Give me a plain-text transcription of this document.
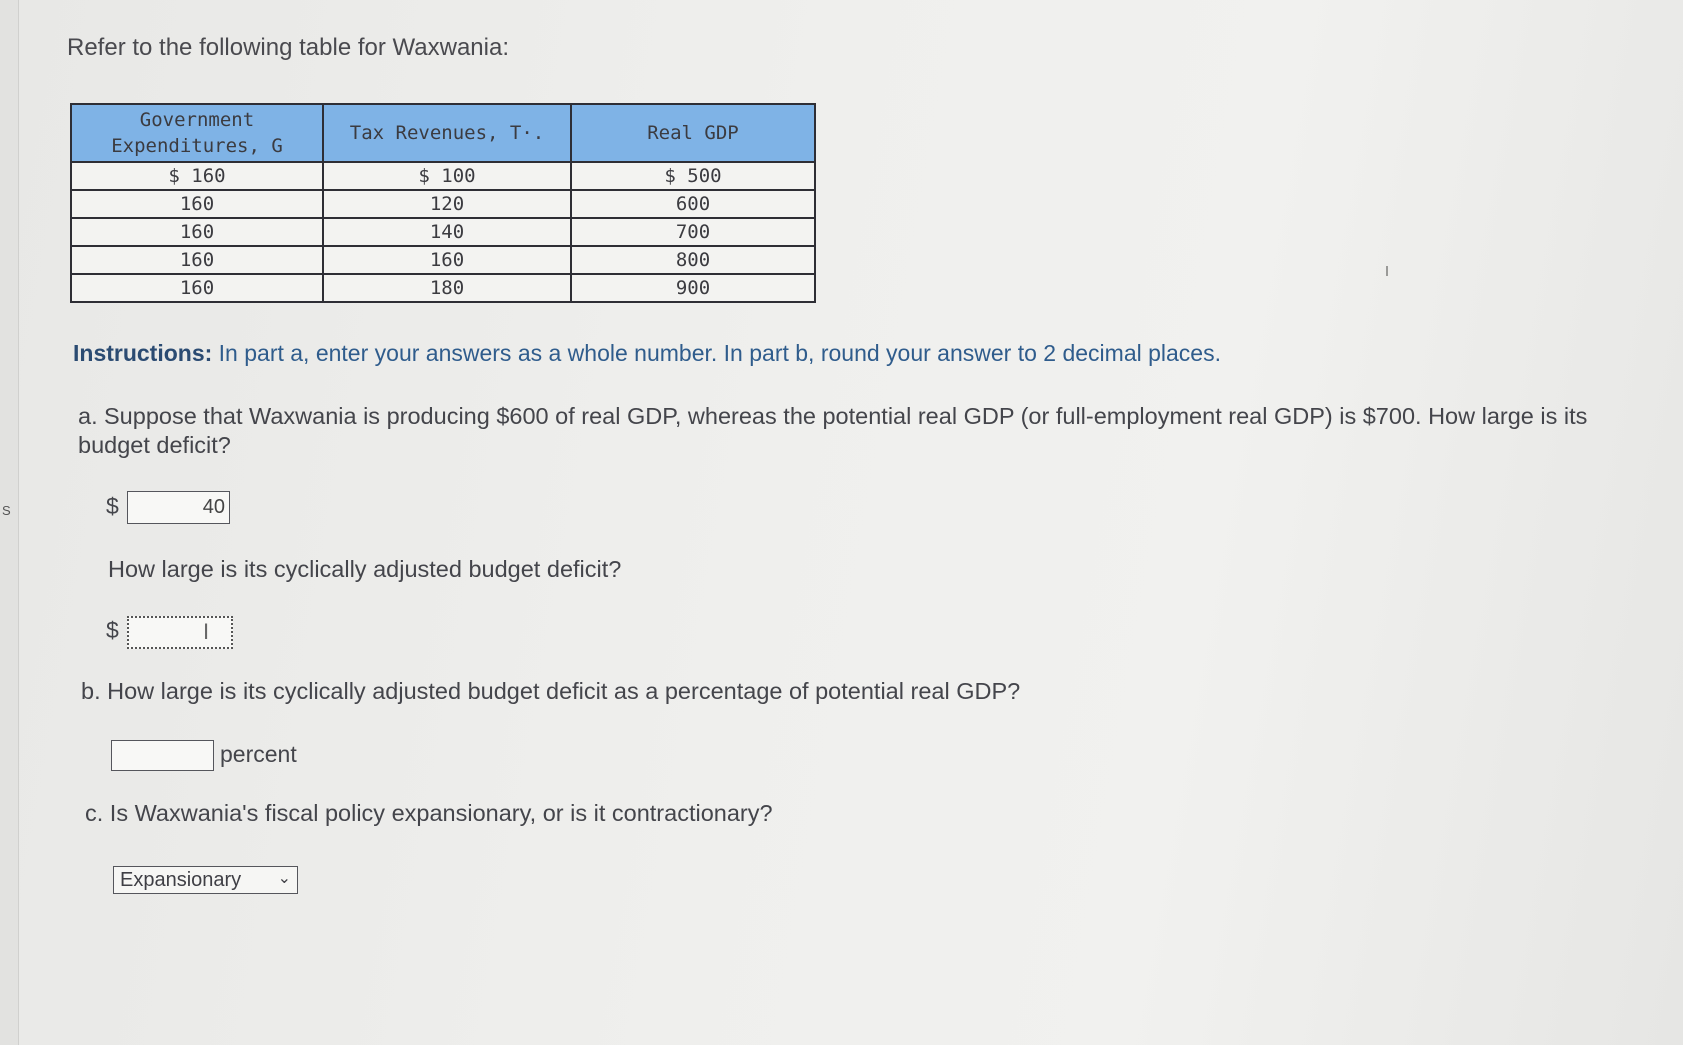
S
Refer to the following table for Waxwania:
Government
Expenditures, G	Tax Revenues, T·.	Real GDP
$ 160	$ 100	$ 500
160	120	600
160	140	700
160	160	800
160	180	900
Instructions: In part a, enter your answers as a whole number. In part b, round your answer to 2 decimal places.
a. Suppose that Waxwania is producing $600 of real GDP, whereas the potential real GDP (or full-employment real GDP) is $700. How large is its budget deficit?
$	40
How large is its cyclically adjusted budget deficit?
$	I
b. How large is its cyclically adjusted budget deficit as a percentage of potential real GDP?
percent
c. Is Waxwania's fiscal policy expansionary, or is it contractionary?
Expansionary ⌄
